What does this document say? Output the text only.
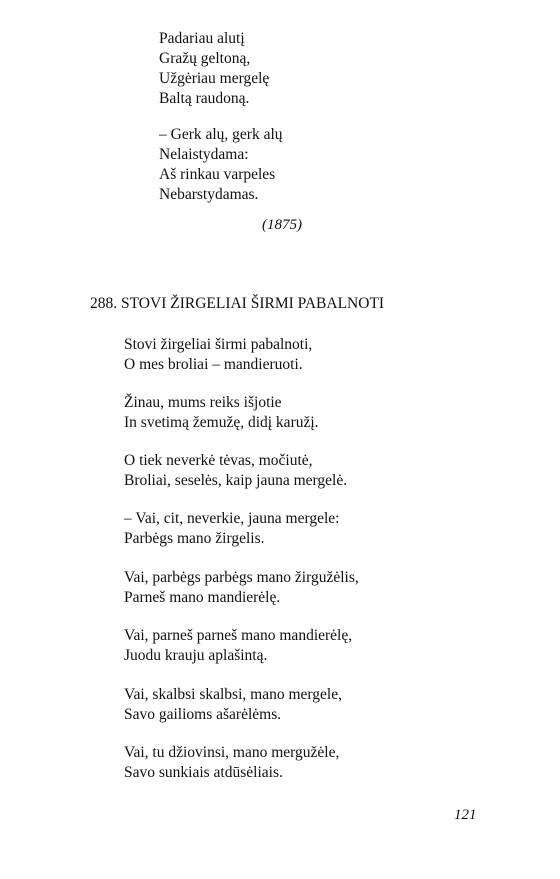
Padariau alutį
Gražų geltoną,
Užgėriau mergelę
Baltą raudoną.
– Gerk alų, gerk alų
Nelaistydama:
Aš rinkau varpeles
Nebarstydamas.
(1875)
288. STOVI ŽIRGELIAI ŠIRMI PABALNOTI
Stovi žirgeliai širmi pabalnoti,
O mes broliai – mandieruoti.
Žinau, mums reiks išjotie
In svetimą žemužę, didį karužį.
O tiek neverkė tėvas, močiutė,
Broliai, seselės, kaip jauna mergelė.
– Vai, cit, neverkie, jauna mergele:
Parbėgs mano žirgelis.
Vai, parbėgs parbėgs mano žirgužėlis,
Parneš mano mandierėlę.
Vai, parneš parneš mano mandierėlę,
Juodu krauju aplašintą.
Vai, skalbsi skalbsi, mano mergele,
Savo gailioms ašarėlėms.
Vai, tu džiovinsi, mano mergužėle,
Savo sunkiais atdūsėliais.
121
